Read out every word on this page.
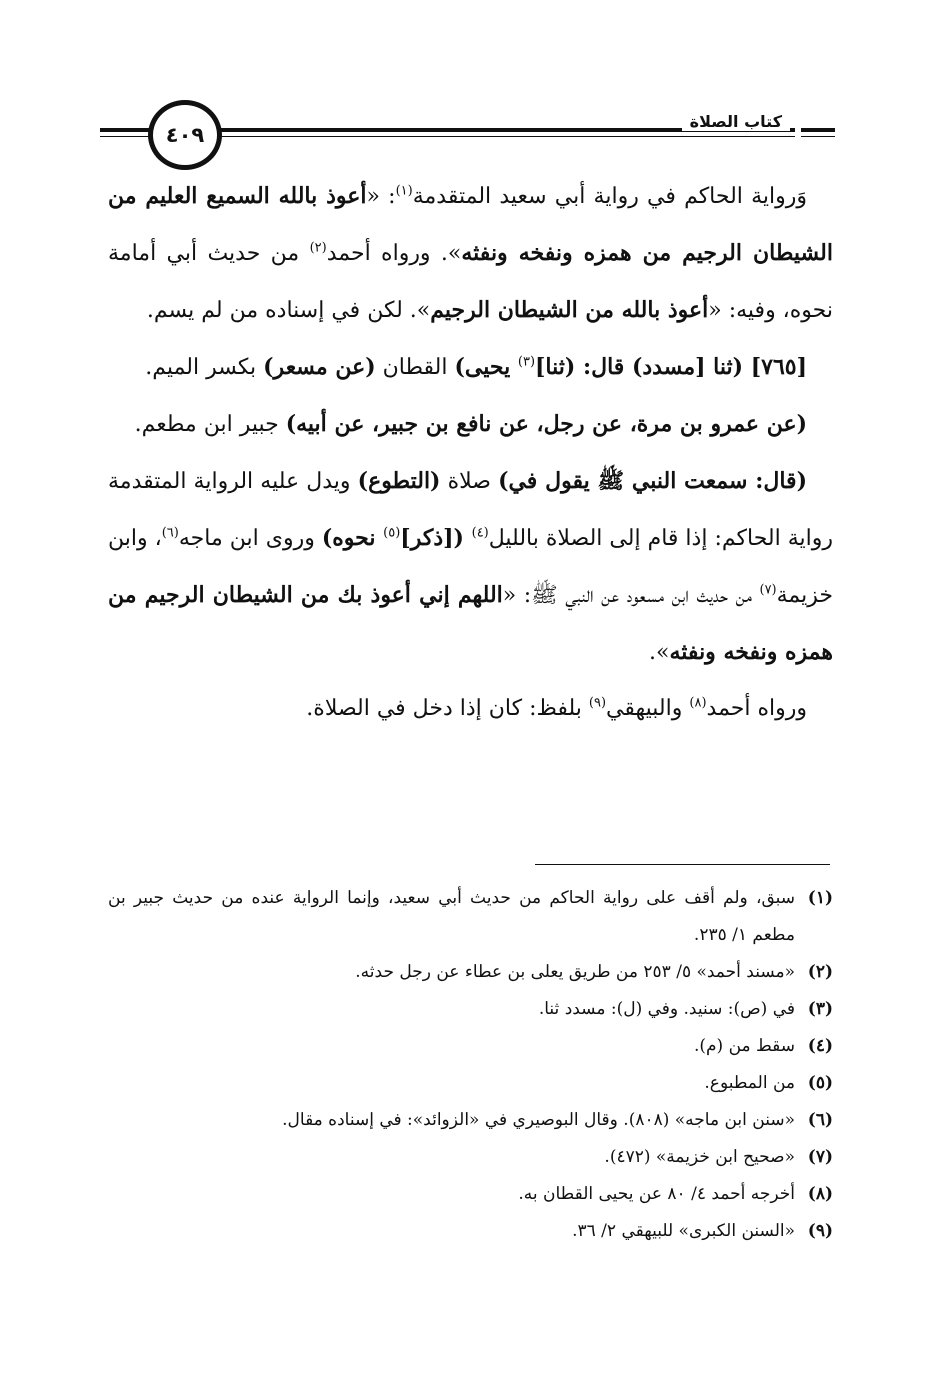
٤٠٩
كتاب الصلاة

وَرواية الحاكم في رواية أبي سعيد المتقدمة$^{(١)}$: «أعوذ بالله السميع العليم من الشيطان الرجيم من همزه ونفخه ونفثه». ورواه أحمد$^{(٢)}$ من حديث أبي أمامة نحوه، وفيه: «أعوذ بالله من الشيطان الرجيم». لكن في إسناده من لم يسم.

[٧٦٥] (ثنا [مسدد) قال: (ثنا]$^{(٣)}$ يحيى) القطان (عن مسعر) بكسر الميم.

(عن عمرو بن مرة، عن رجل، عن نافع بن جبير، عن أبيه) جبير ابن مطعم.

(قال: سمعت النبي ﷺ يقول في) صلاة (التطوع) ويدل عليه الرواية المتقدمة رواية الحاكم: إذا قام إلى الصلاة بالليل$^{(٤)}$ ([ذكر]$^{(٥)}$ نحوه) وروى ابن ماجه$^{(٦)}$، وابن خزيمة$^{(٧)}$ من حديث ابن مسعود عن النبي ﷺ: «اللهم إني أعوذ بك من الشيطان الرجيم من همزه ونفخه ونفثه».

ورواه أحمد$^{(٨)}$ والبيهقي$^{(٩)}$ بلفظ: كان إذا دخل في الصلاة.

(١)
سبق، ولم أقف على رواية الحاكم من حديث أبي سعيد، وإنما الرواية عنده من حديث جبير بن مطعم ١/ ٢٣٥.
(٢)
«مسند أحمد» ٥/ ٢٥٣ من طريق يعلى بن عطاء عن رجل حدثه.
(٣)
في (ص): سنيد. وفي (ل): مسدد ثنا.
(٤)
سقط من (م).
(٥)
من المطبوع.
(٦)
«سنن ابن ماجه» (٨٠٨). وقال البوصيري في «الزوائد»: في إسناده مقال.
(٧)
«صحيح ابن خزيمة» (٤٧٢).
(٨)
أخرجه أحمد ٤/ ٨٠ عن يحيى القطان به.
(٩)
«السنن الكبرى» للبيهقي ٢/ ٣٦.
